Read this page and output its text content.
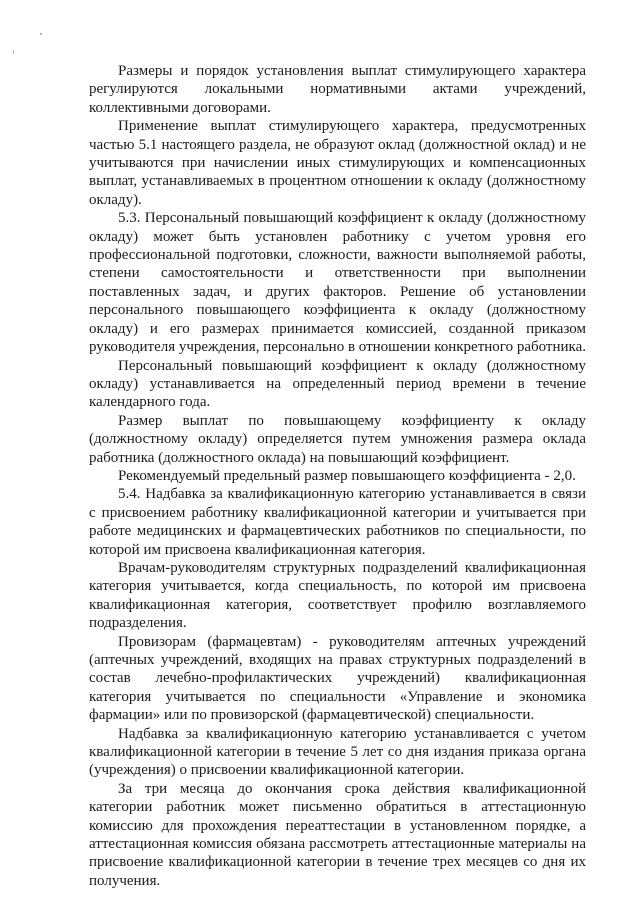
Размеры и порядок установления выплат стимулирующего характера регулируются локальными нормативными актами учреждений, коллективными договорами.

Применение выплат стимулирующего характера, предусмотренных частью 5.1 настоящего раздела, не образуют оклад (должностной оклад) и не учитываются при начислении иных стимулирующих и компенсационных выплат, устанавливаемых в процентном отношении к окладу (должностному окладу).

5.3. Персональный повышающий коэффициент к окладу (должностному окладу) может быть установлен работнику с учетом уровня его профессиональной подготовки, сложности, важности выполняемой работы, степени самостоятельности и ответственности при выполнении поставленных задач, и других факторов. Решение об установлении персонального повышающего коэффициента к окладу (должностному окладу) и его размерах принимается комиссией, созданной приказом руководителя учреждения, персонально в отношении конкретного работника.

Персональный повышающий коэффициент к окладу (должностному окладу) устанавливается на определенный период времени в течение календарного года.

Размер выплат по повышающему коэффициенту к окладу (должностному окладу) определяется путем умножения размера оклада работника (должностного оклада) на повышающий коэффициент.

Рекомендуемый предельный размер повышающего коэффициента - 2,0.

5.4. Надбавка за квалификационную категорию устанавливается в связи с присвоением работнику квалификационной категории и учитывается при работе медицинских и фармацевтических работников по специальности, по которой им присвоена квалификационная категория.

Врачам-руководителям структурных подразделений квалификационная категория учитывается, когда специальность, по которой им присвоена квалификационная категория, соответствует профилю возглавляемого подразделения.

Провизорам (фармацевтам) - руководителям аптечных учреждений (аптечных учреждений, входящих на правах структурных подразделений в состав лечебно-профилактических учреждений) квалификационная категория учитывается по специальности «Управление и экономика фармации» или по провизорской (фармацевтической) специальности.

Надбавка за квалификационную категорию устанавливается с учетом квалификационной категории в течение 5 лет со дня издания приказа органа (учреждения) о присвоении квалификационной категории.

За три месяца до окончания срока действия квалификационной категории работник может письменно обратиться в аттестационную комиссию для прохождения переаттестации в установленном порядке, а аттестационная комиссия обязана рассмотреть аттестационные материалы на присвоение квалификационной категории в течение трех месяцев со дня их получения.
